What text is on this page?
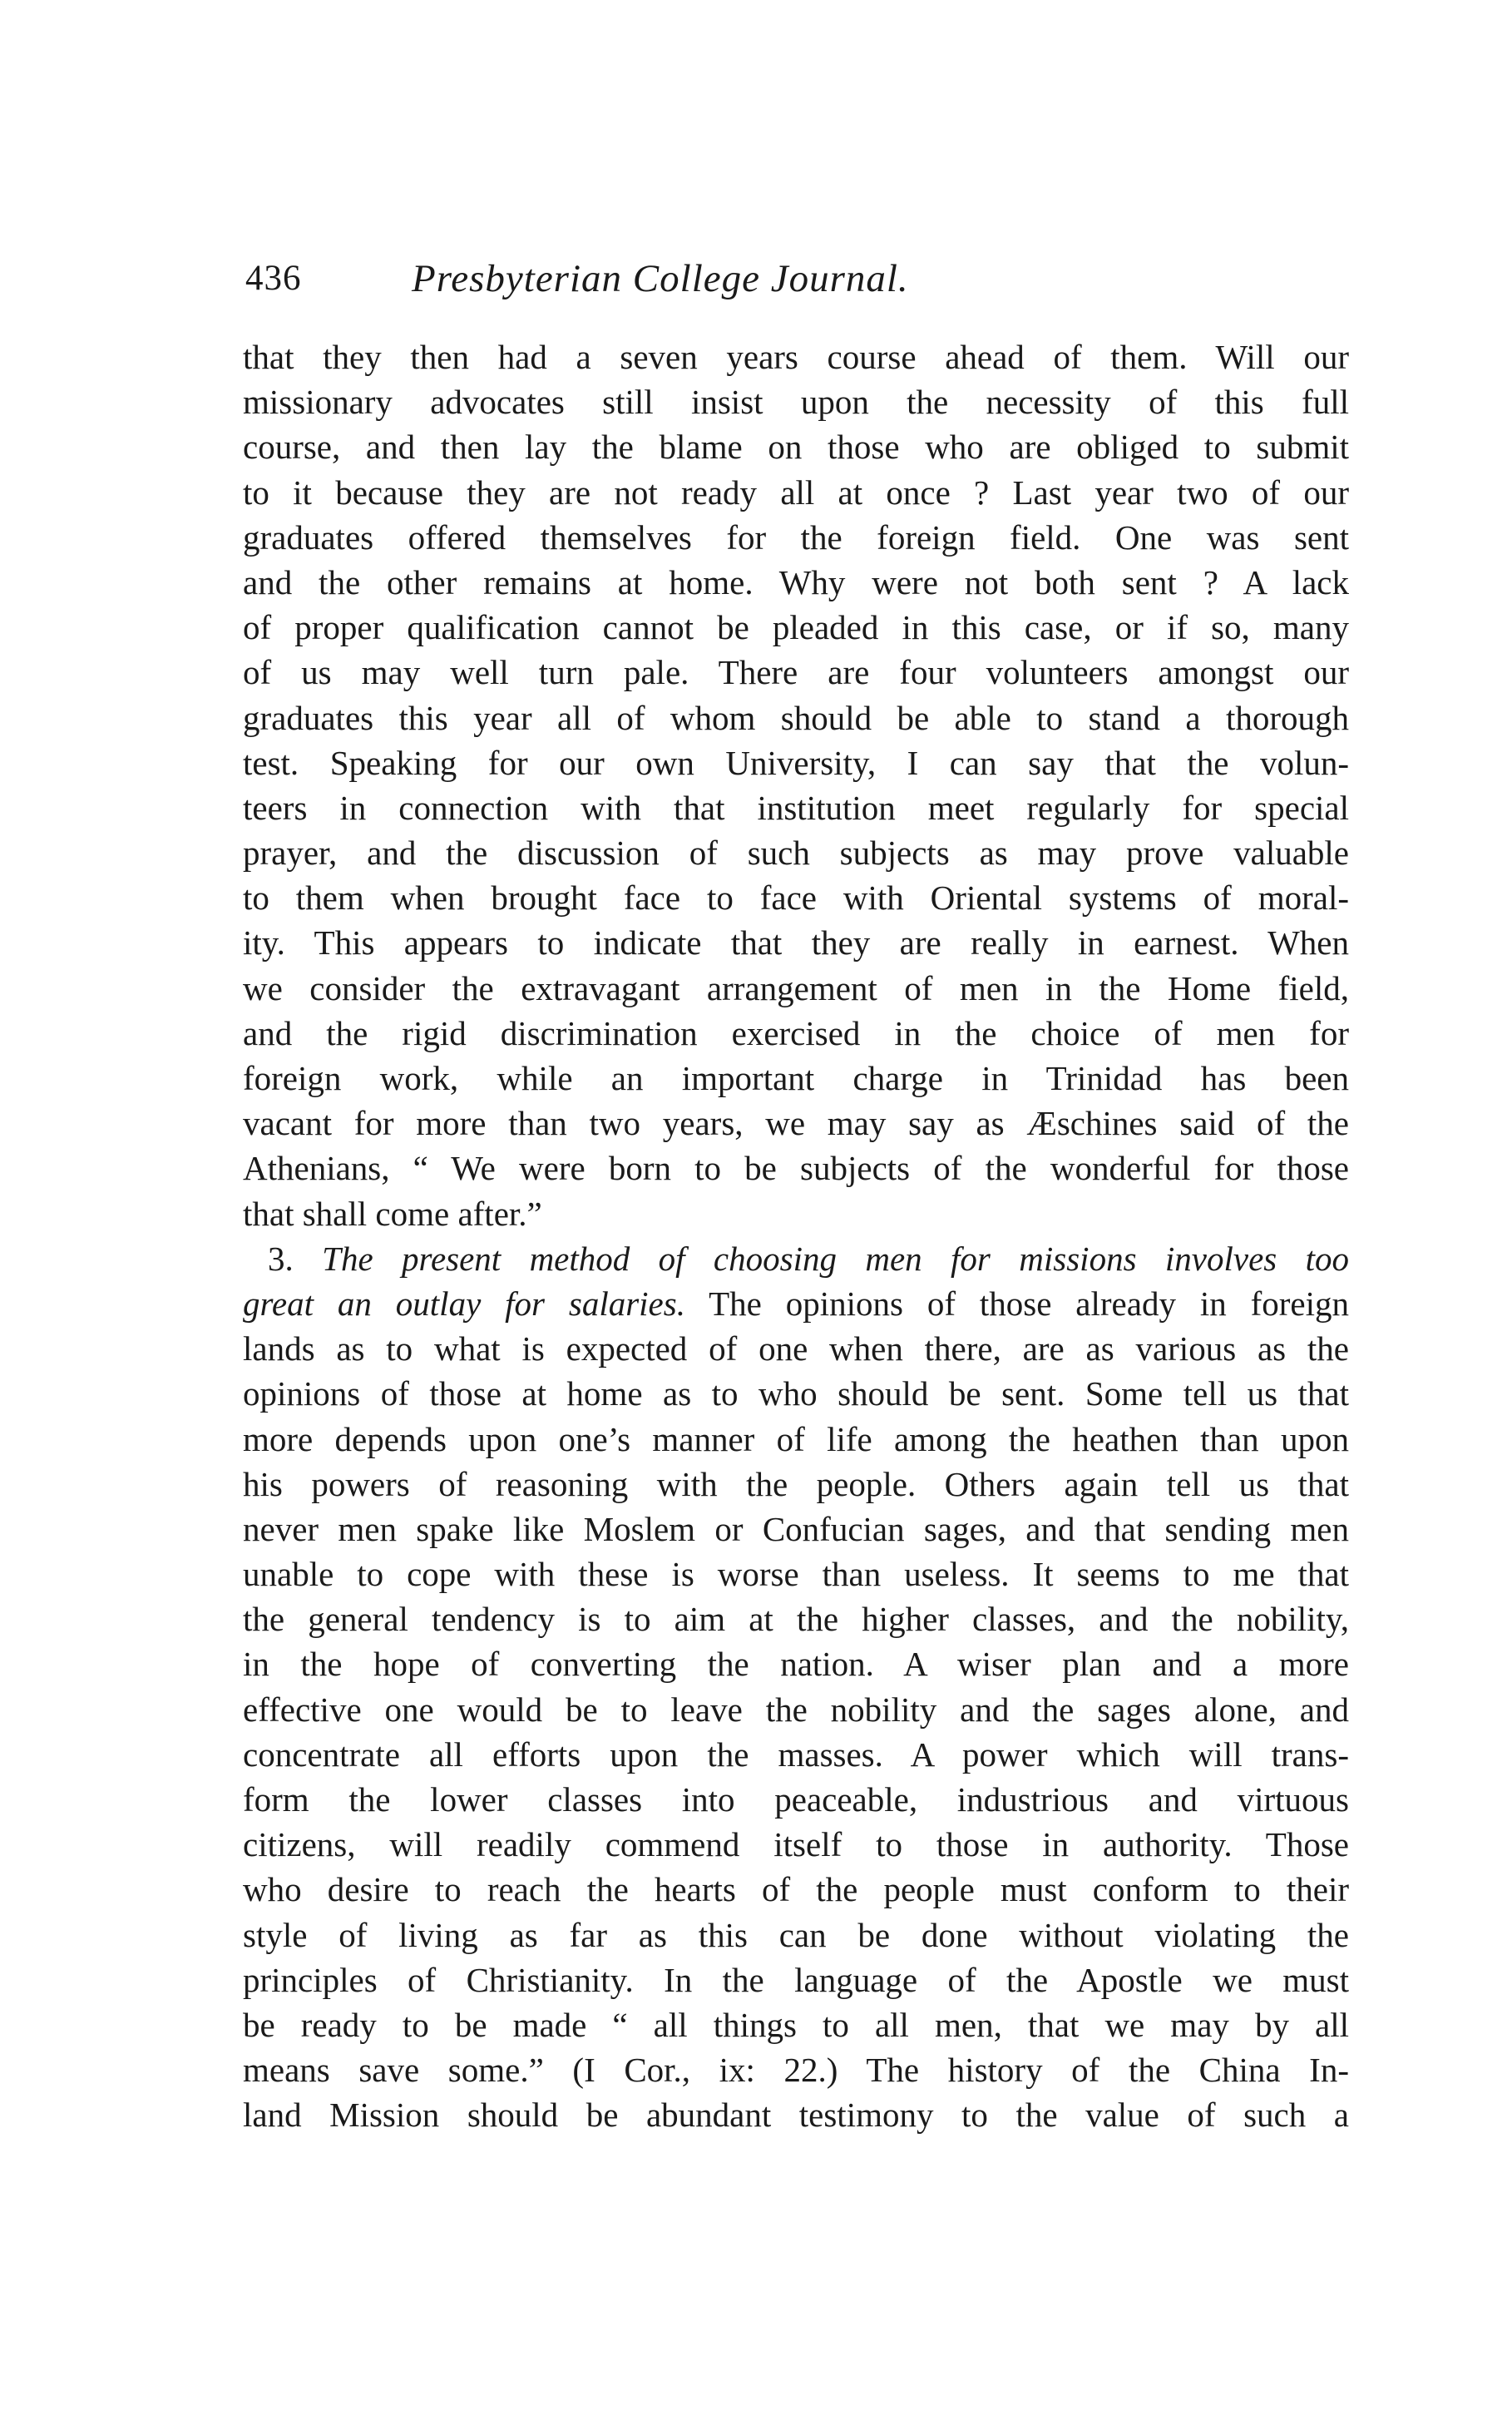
436	Presbyterian College Journal.
that they then had a seven years course ahead of them. Will our
missionary advocates still insist upon the necessity of this full
course, and then lay the blame on those who are obliged to submit
to it because they are not ready all at once ? Last year two of our
graduates offered themselves for the foreign field. One was sent
and the other remains at home. Why were not both sent ? A lack
of proper qualification cannot be pleaded in this case, or if so, many
of us may well turn pale. There are four volunteers amongst our
graduates this year all of whom should be able to stand a thorough
test. Speaking for our own University, I can say that the volun-
teers in connection with that institution meet regularly for special
prayer, and the discussion of such subjects as may prove valuable
to them when brought face to face with Oriental systems of moral-
ity. This appears to indicate that they are really in earnest. When
we consider the extravagant arrangement of men in the Home field,
and the rigid discrimination exercised in the choice of men for
foreign work, while an important charge in Trinidad has been
vacant for more than two years, we may say as Æschines said of the
Athenians, “ We were born to be subjects of the wonderful for those
that shall come after.”
3. The present method of choosing men for missions involves too
great an outlay for salaries. The opinions of those already in foreign
lands as to what is expected of one when there, are as various as the
opinions of those at home as to who should be sent. Some tell us that
more depends upon one’s manner of life among the heathen than upon
his powers of reasoning with the people. Others again tell us that
never men spake like Moslem or Confucian sages, and that sending men
unable to cope with these is worse than useless. It seems to me that
the general tendency is to aim at the higher classes, and the nobility,
in the hope of converting the nation. A wiser plan and a more
effective one would be to leave the nobility and the sages alone, and
concentrate all efforts upon the masses. A power which will trans-
form the lower classes into peaceable, industrious and virtuous
citizens, will readily commend itself to those in authority. Those
who desire to reach the hearts of the people must conform to their
style of living as far as this can be done without violating the
principles of Christianity. In the language of the Apostle we must
be ready to be made “ all things to all men, that we may by all
means save some.” (I Cor., ix: 22.) The history of the China In-
land Mission should be abundant testimony to the value of such a
